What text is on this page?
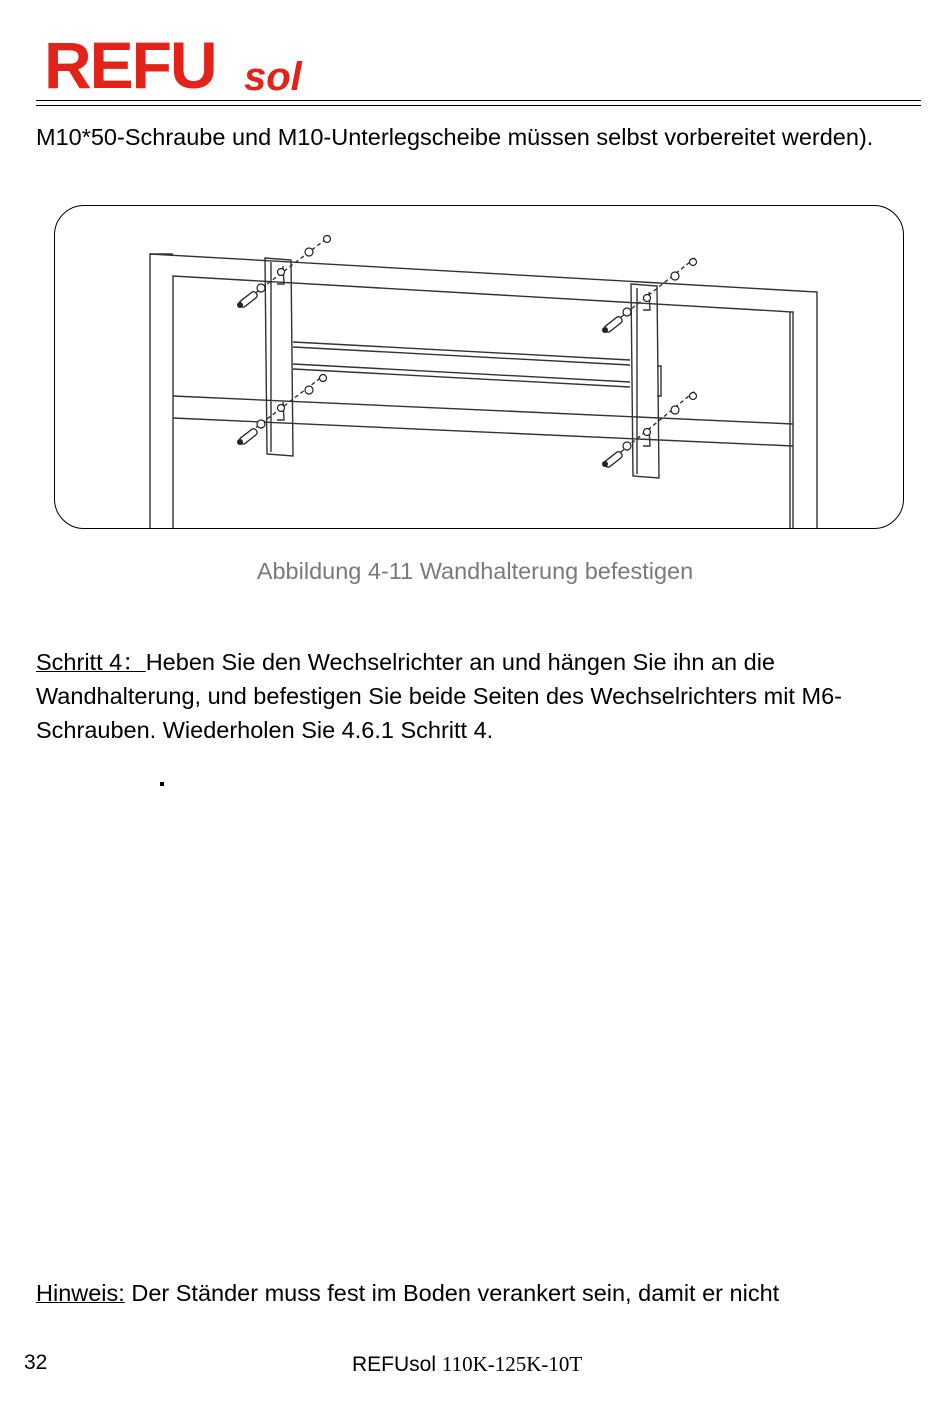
REFU sol

M10*50-Schraube und M10-Unterlegscheibe müssen selbst vorbereitet werden).

Abbildung 4-11 Wandhalterung befestigen

Schritt 4：Heben Sie den Wechselrichter an und hängen Sie ihn an die Wandhalterung, und befestigen Sie beide Seiten des Wechselrichters mit M6-Schrauben. Wiederholen Sie 4.6.1 Schritt 4.

Hinweis: Der Ständer muss fest im Boden verankert sein, damit er nicht

32	REFUsol 110K-125K-10T
